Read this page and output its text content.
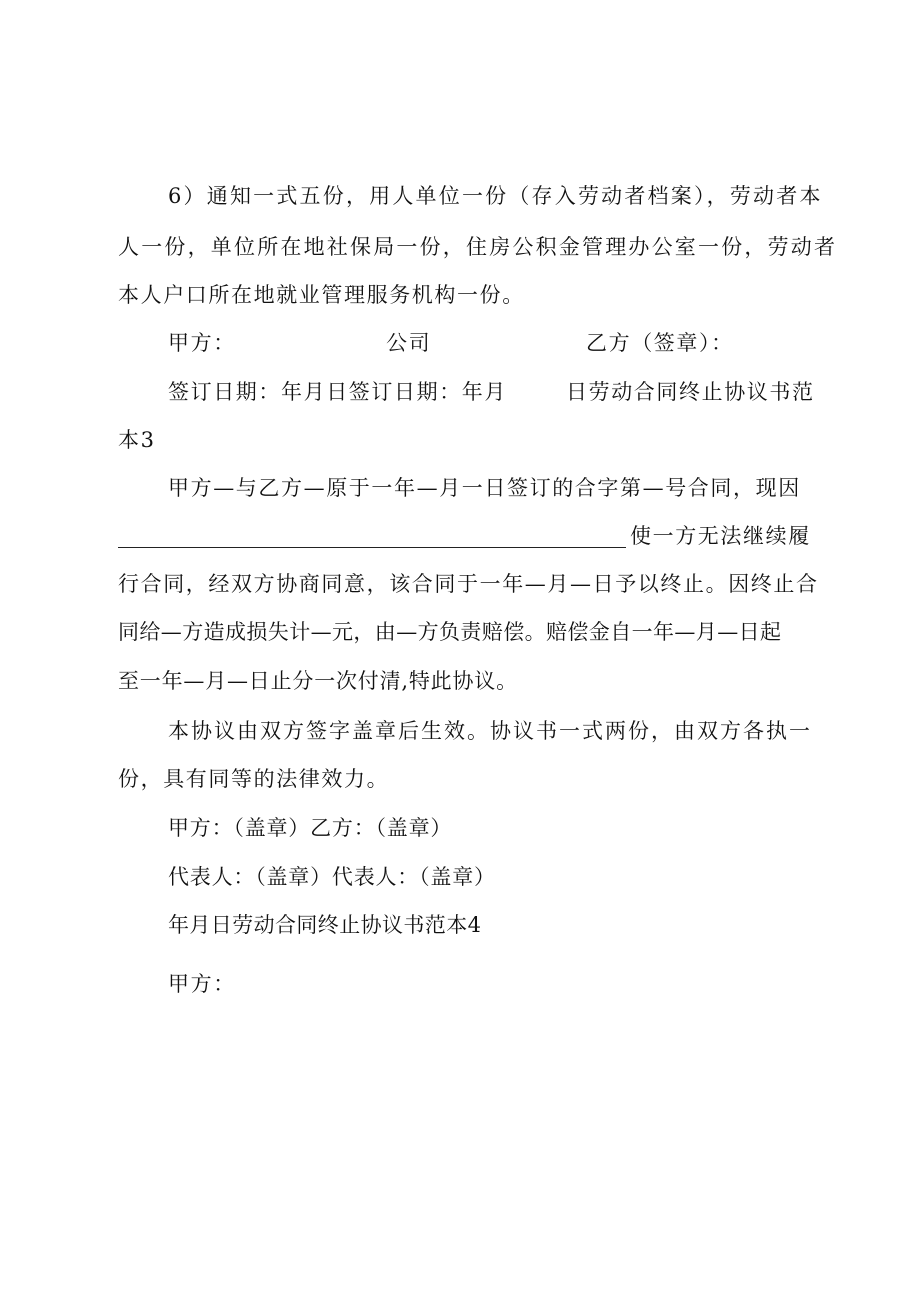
6）通知一式五份，用人单位一份（存入劳动者档案），劳动者本
人一份，单位所在地社保局一份，住房公积金管理办公室一份，劳动者
本人户口所在地就业管理服务机构一份。
甲方：	公司	乙方（签章）：
签订日期：年月日签订日期：年月	日劳动合同终止协议书范
本3
甲方—与乙方—原于一年—月一日签订的合字第—号合同，现因
使一方无法继续履
行合同，经双方协商同意，该合同于一年—月—日予以终止。因终止合
同给—方造成损失计—元，由—方负责赔偿。赔偿金自一年—月—日起
至一年—月—日止分一次付清,特此协议。
本协议由双方签字盖章后生效。协议书一式两份，由双方各执一
份，具有同等的法律效力。
甲方：（盖章）乙方：（盖章）
代表人：（盖章）代表人：（盖章）
年月日劳动合同终止协议书范本4
甲方：
